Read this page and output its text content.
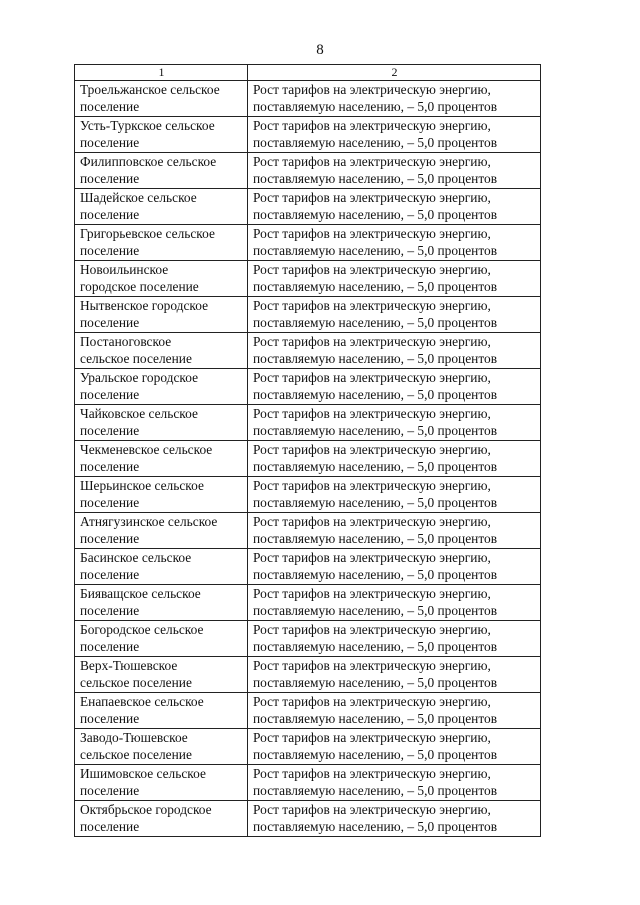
8
1	2
Троельжанское сельское
поселение	Рост тарифов на электрическую энергию,
поставляемую населению, – 5,0 процентов
Усть-Туркское сельское
поселение	Рост тарифов на электрическую энергию,
поставляемую населению, – 5,0 процентов
Филипповское сельское
поселение	Рост тарифов на электрическую энергию,
поставляемую населению, – 5,0 процентов
Шадейское сельское
поселение	Рост тарифов на электрическую энергию,
поставляемую населению, – 5,0 процентов
Григорьевское сельское
поселение	Рост тарифов на электрическую энергию,
поставляемую населению, – 5,0 процентов
Новоильинское
городское поселение	Рост тарифов на электрическую энергию,
поставляемую населению, – 5,0 процентов
Нытвенское городское
поселение	Рост тарифов на электрическую энергию,
поставляемую населению, – 5,0 процентов
Постаноговское
сельское поселение	Рост тарифов на электрическую энергию,
поставляемую населению, – 5,0 процентов
Уральское городское
поселение	Рост тарифов на электрическую энергию,
поставляемую населению, – 5,0 процентов
Чайковское сельское
поселение	Рост тарифов на электрическую энергию,
поставляемую населению, – 5,0 процентов
Чекменевское сельское
поселение	Рост тарифов на электрическую энергию,
поставляемую населению, – 5,0 процентов
Шерьинское сельское
поселение	Рост тарифов на электрическую энергию,
поставляемую населению, – 5,0 процентов
Атнягузинское сельское
поселение	Рост тарифов на электрическую энергию,
поставляемую населению, – 5,0 процентов
Басинское сельское
поселение	Рост тарифов на электрическую энергию,
поставляемую населению, – 5,0 процентов
Бияващское сельское
поселение	Рост тарифов на электрическую энергию,
поставляемую населению, – 5,0 процентов
Богородское сельское
поселение	Рост тарифов на электрическую энергию,
поставляемую населению, – 5,0 процентов
Верх-Тюшевское
сельское поселение	Рост тарифов на электрическую энергию,
поставляемую населению, – 5,0 процентов
Енапаевское сельское
поселение	Рост тарифов на электрическую энергию,
поставляемую населению, – 5,0 процентов
Заводо-Тюшевское
сельское поселение	Рост тарифов на электрическую энергию,
поставляемую населению, – 5,0 процентов
Ишимовское сельское
поселение	Рост тарифов на электрическую энергию,
поставляемую населению, – 5,0 процентов
Октябрьское городское
поселение	Рост тарифов на электрическую энергию,
поставляемую населению, – 5,0 процентов
